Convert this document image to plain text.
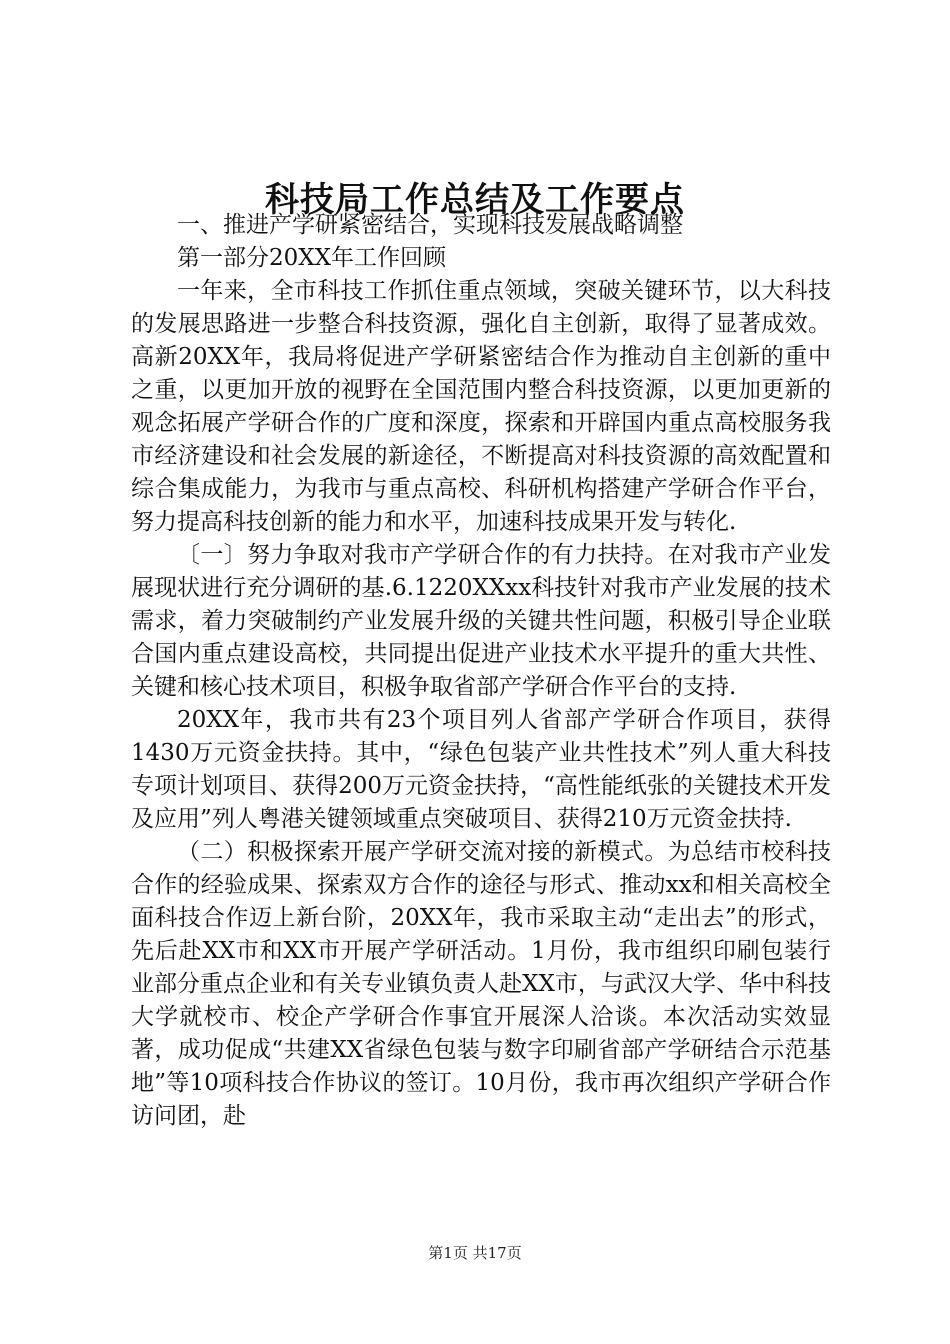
科技局工作总结及工作要点

一、推进产学研紧密结合，实现科技发展战略调整

第一部分20XX年工作回顾

一年来，全市科技工作抓住重点领域，突破关键环节，以大科技的发展思路进一步整合科技资源，强化自主创新，取得了显著成效。高新20XX年，我局将促进产学研紧密结合作为推动自主创新的重中之重，以更加开放的视野在全国范围内整合科技资源，以更加更新的观念拓展产学研合作的广度和深度，探索和开辟国内重点高校服务我市经济建设和社会发展的新途径，不断提高对科技资源的高效配置和综合集成能力，为我市与重点高校、科研机构搭建产学研合作平台，努力提高科技创新的能力和水平，加速科技成果开发与转化.

〔一〕努力争取对我市产学研合作的有力扶持。在对我市产业发展现状进行充分调研的基.6.1220XXxx科技针对我市产业发展的技术需求，着力突破制约产业发展升级的关键共性问题，积极引导企业联合国内重点建设高校，共同提出促进产业技术水平提升的重大共性、关键和核心技术项目，积极争取省部产学研合作平台的支持.

20XX年，我市共有23个项目列人省部产学研合作项目，获得1430万元资金扶持。其中，“绿色包装产业共性技术”列人重大科技专项计划项目、获得200万元资金扶持，“高性能纸张的关键技术开发及应用”列人粤港关键领域重点突破项目、获得210万元资金扶持.

（二）积极探索开展产学研交流对接的新模式。为总结市校科技合作的经验成果、探索双方合作的途径与形式、推动xx和相关高校全面科技合作迈上新台阶，20XX年，我市采取主动“走出去”的形式，先后赴XX市和XX市开展产学研活动。1月份，我市组织印刷包装行业部分重点企业和有关专业镇负责人赴XX市，与武汉大学、华中科技大学就校市、校企产学研合作事宜开展深人洽谈。本次活动实效显著，成功促成“共建XX省绿色包装与数字印刷省部产学研结合示范基地”等10项科技合作协议的签订。10月份，我市再次组织产学研合作访问团，赴

第1页 共17页
